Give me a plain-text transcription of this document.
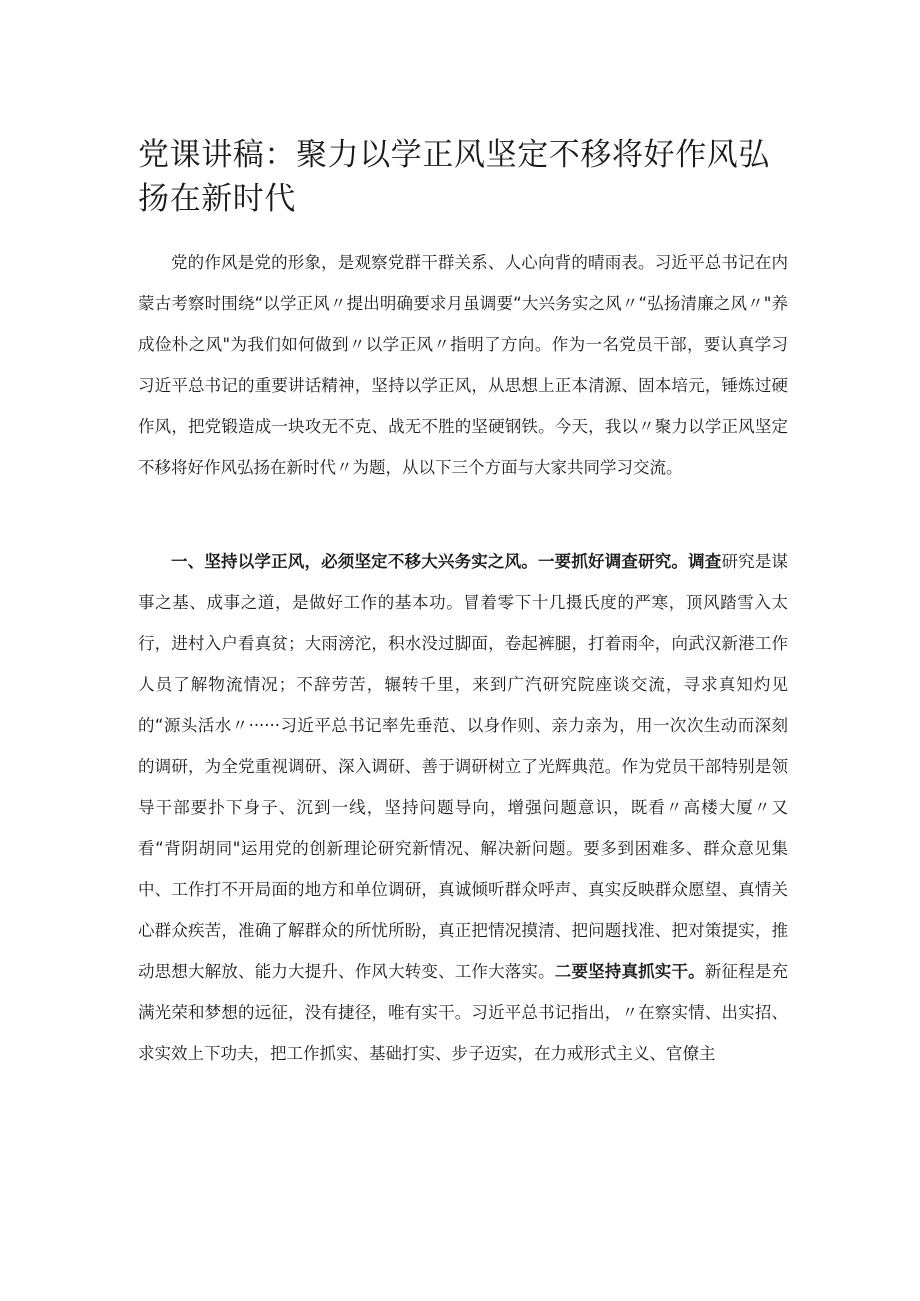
党课讲稿：聚力以学正风坚定不移将好作风弘扬在新时代

党的作风是党的形象，是观察党群干群关系、人心向背的晴雨表。习近平总书记在内蒙古考察时围绕“以学正风〃提出明确要求月虽调要“大兴务实之风〃“弘扬清廉之风〃"养成俭朴之风"为我们如何做到〃以学正风〃指明了方向。作为一名党员干部，要认真学习习近平总书记的重要讲话精神，坚持以学正风，从思想上正本清源、固本培元，锤炼过硬作风，把党锻造成一块攻无不克、战无不胜的坚硬钢铁。今天，我以〃聚力以学正风坚定不移将好作风弘扬在新时代〃为题，从以下三个方面与大家共同学习交流。

一、坚持以学正风，必须坚定不移大兴务实之风。一要抓好调查研究。调查研究是谋事之基、成事之道，是做好工作的基本功。冒着零下十几摄氏度的严寒，顶风踏雪入太行，进村入户看真贫；大雨滂沱，积水没过脚面，卷起裤腿，打着雨伞，向武汉新港工作人员了解物流情况；不辞劳苦，辗转千里，来到广汽研究院座谈交流，寻求真知灼见的“源头活水〃······习近平总书记率先垂范、以身作则、亲力亲为，用一次次生动而深刻的调研，为全党重视调研、深入调研、善于调研树立了光辉典范。作为党员干部特别是领导干部要扑下身子、沉到一线，坚持问题导向，增强问题意识，既看〃高楼大厦〃又看“背阴胡同"运用党的创新理论研究新情况、解决新问题。要多到困难多、群众意见集中、工作打不开局面的地方和单位调研，真诚倾听群众呼声、真实反映群众愿望、真情关心群众疾苦，准确了解群众的所忧所盼，真正把情况摸清、把问题找准、把对策提实，推动思想大解放、能力大提升、作风大转变、工作大落实。二要坚持真抓实干。新征程是充满光荣和梦想的远征，没有捷径，唯有实干。习近平总书记指出，〃在察实情、出实招、求实效上下功夫，把工作抓实、基础打实、步子迈实，在力戒形式主义、官僚主
